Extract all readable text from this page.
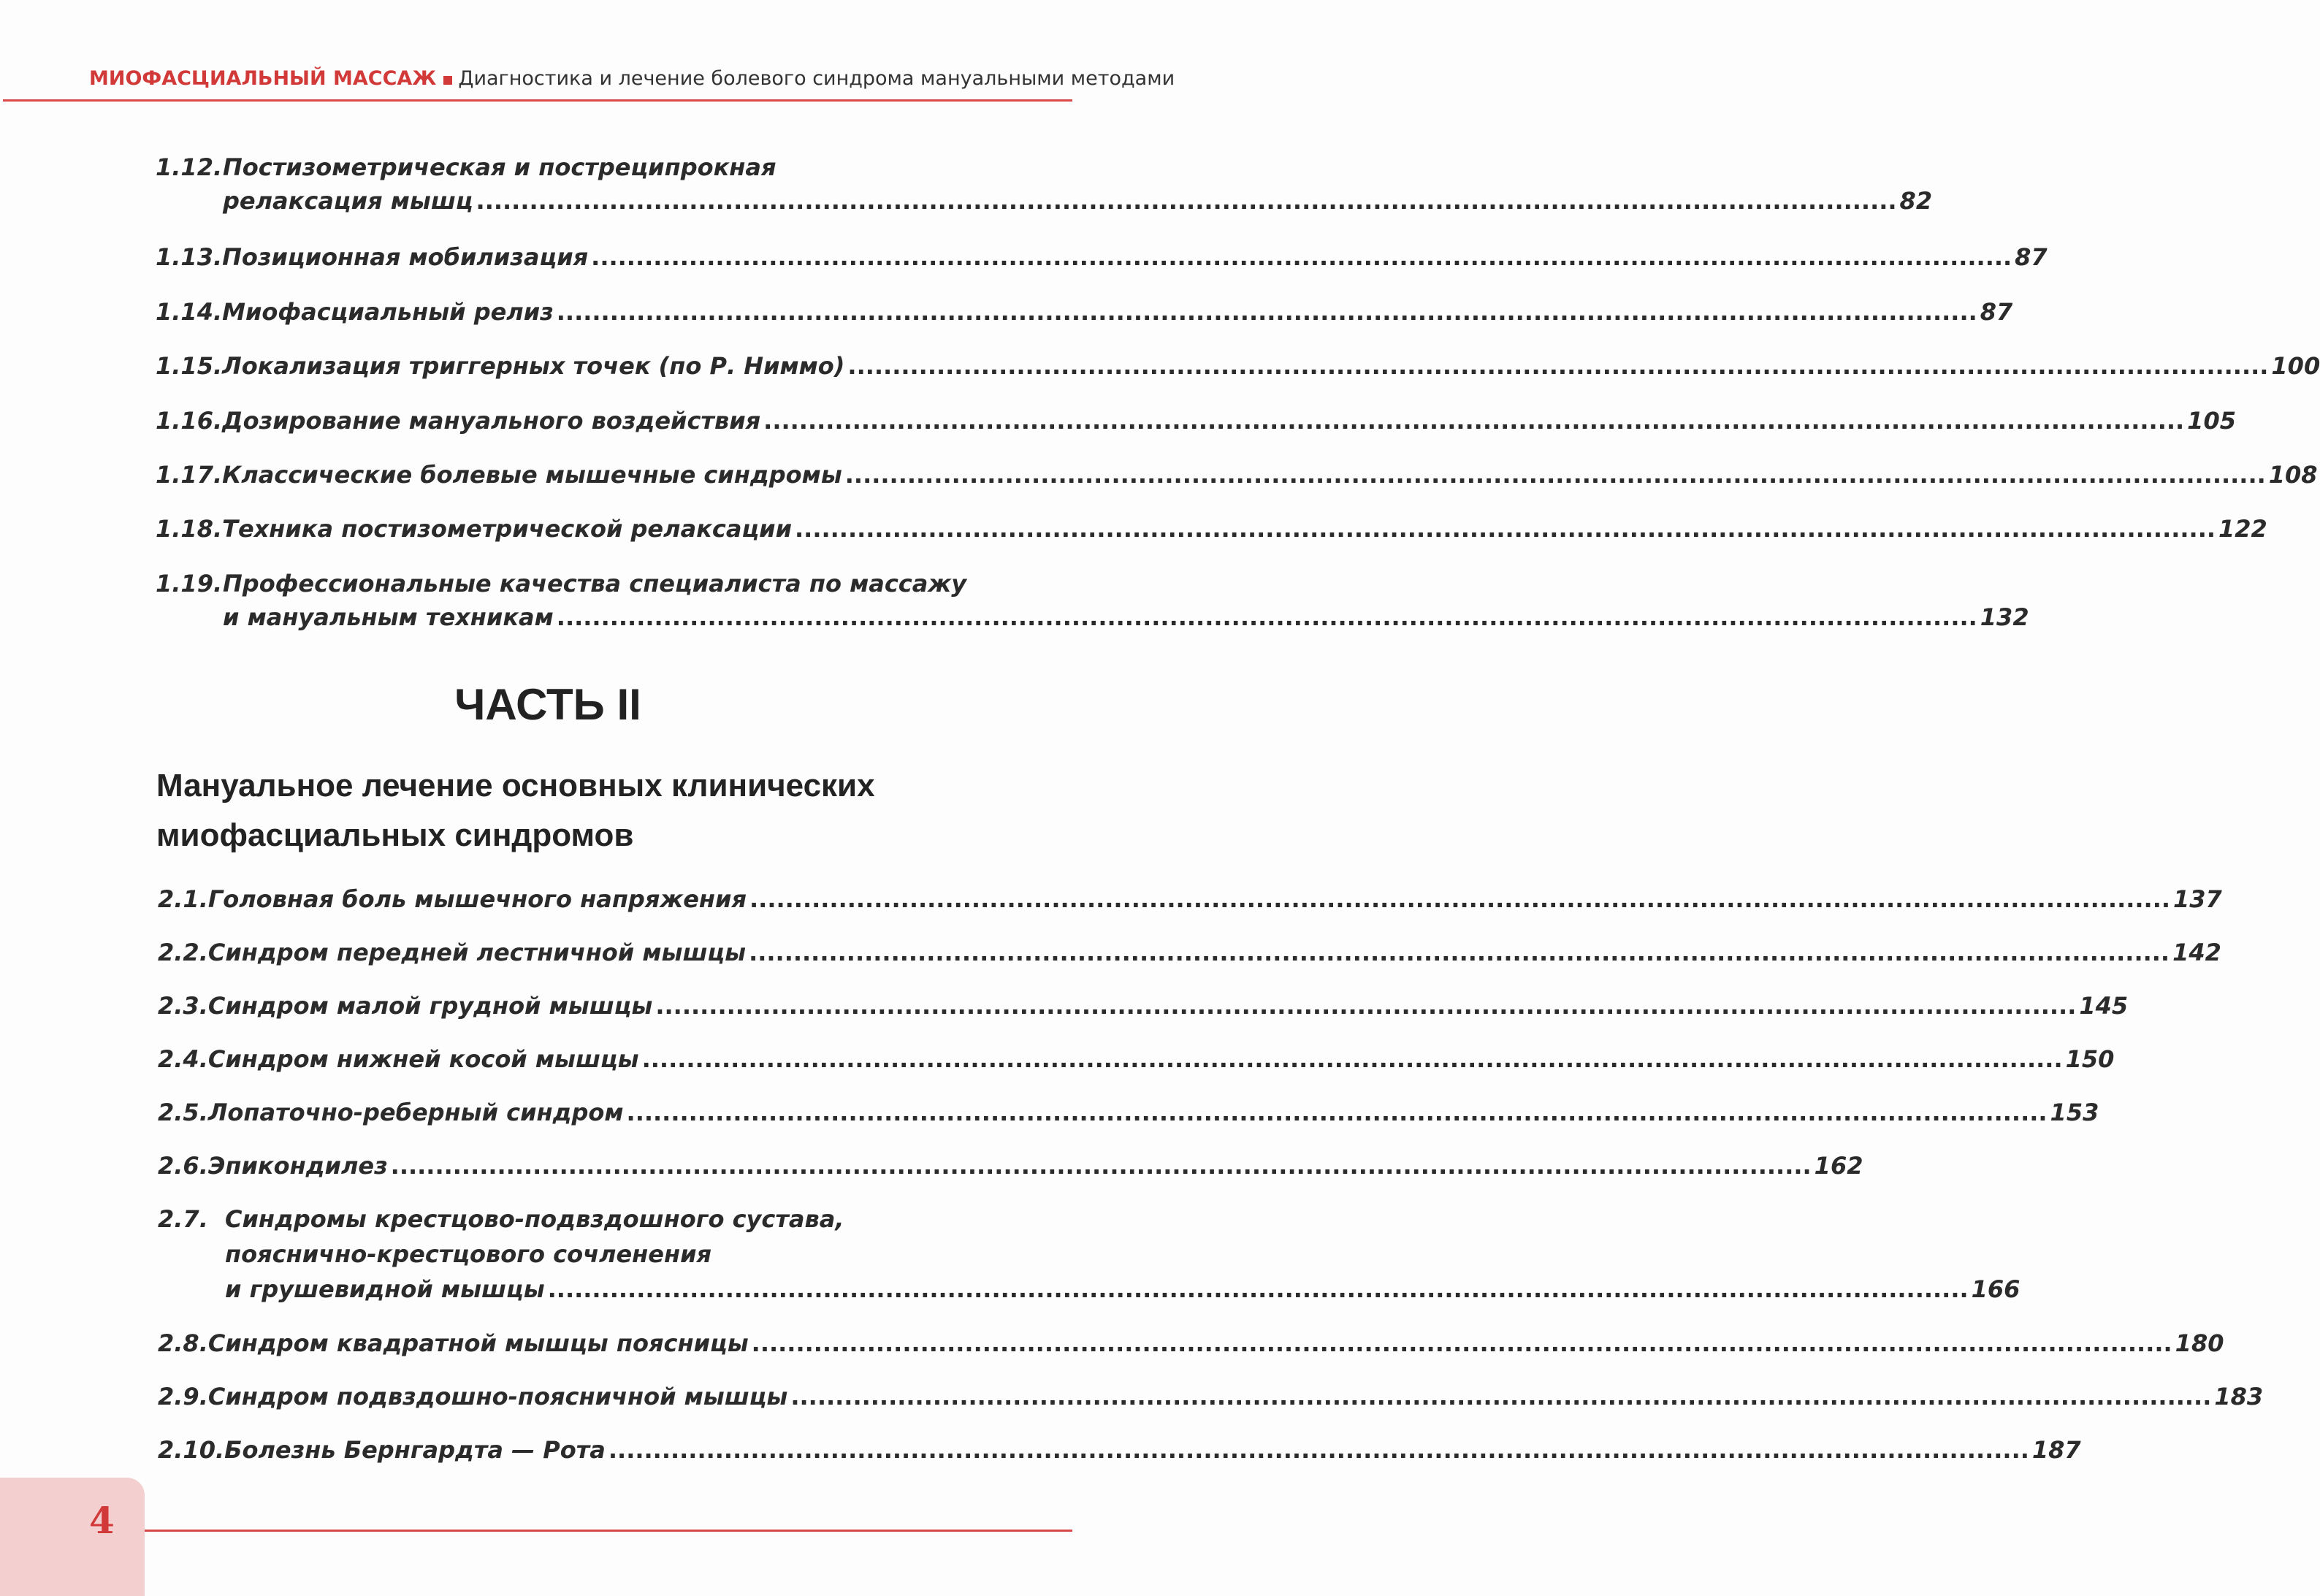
МИОФАСЦИАЛЬНЫЙ МАССАЖ Диагностика и лечение болевого синдрома мануальными методами
1.12. Постизометрическая и постреципрокная
релаксация мышц .....	82
1.13. Позиционная мобилизация .....	87
1.14. Миофасциальный релиз .....	87
1.15. Локализация триггерных точек (по Р. Ниммо) .....	100
1.16. Дозирование мануального воздействия .....	105
1.17. Классические болевые мышечные синдромы .....	108
1.18. Техника постизометрической релаксации .....	122
1.19. Профессиональные качества специалиста по массажу
и мануальным техникам .....	132
ЧАСТЬ II
Мануальное лечение основных клинических
миофасциальных синдромов
2.1. Головная боль мышечного напряжения .....	137
2.2. Синдром передней лестничной мышцы .....	142
2.3. Синдром малой грудной мышцы .....	145
2.4. Синдром нижней косой мышцы .....	150
2.5. Лопаточно-реберный синдром .....	153
2.6. Эпикондилез .....	162
2.7. Синдромы крестцово-подвздошного сустава,
пояснично-крестцового сочленения
и грушевидной мышцы .....	166
2.8. Синдром квадратной мышцы поясницы .....	180
2.9. Синдром подвздошно-поясничной мышцы .....	183
2.10. Болезнь Бернгардта — Рота .....	187
4
